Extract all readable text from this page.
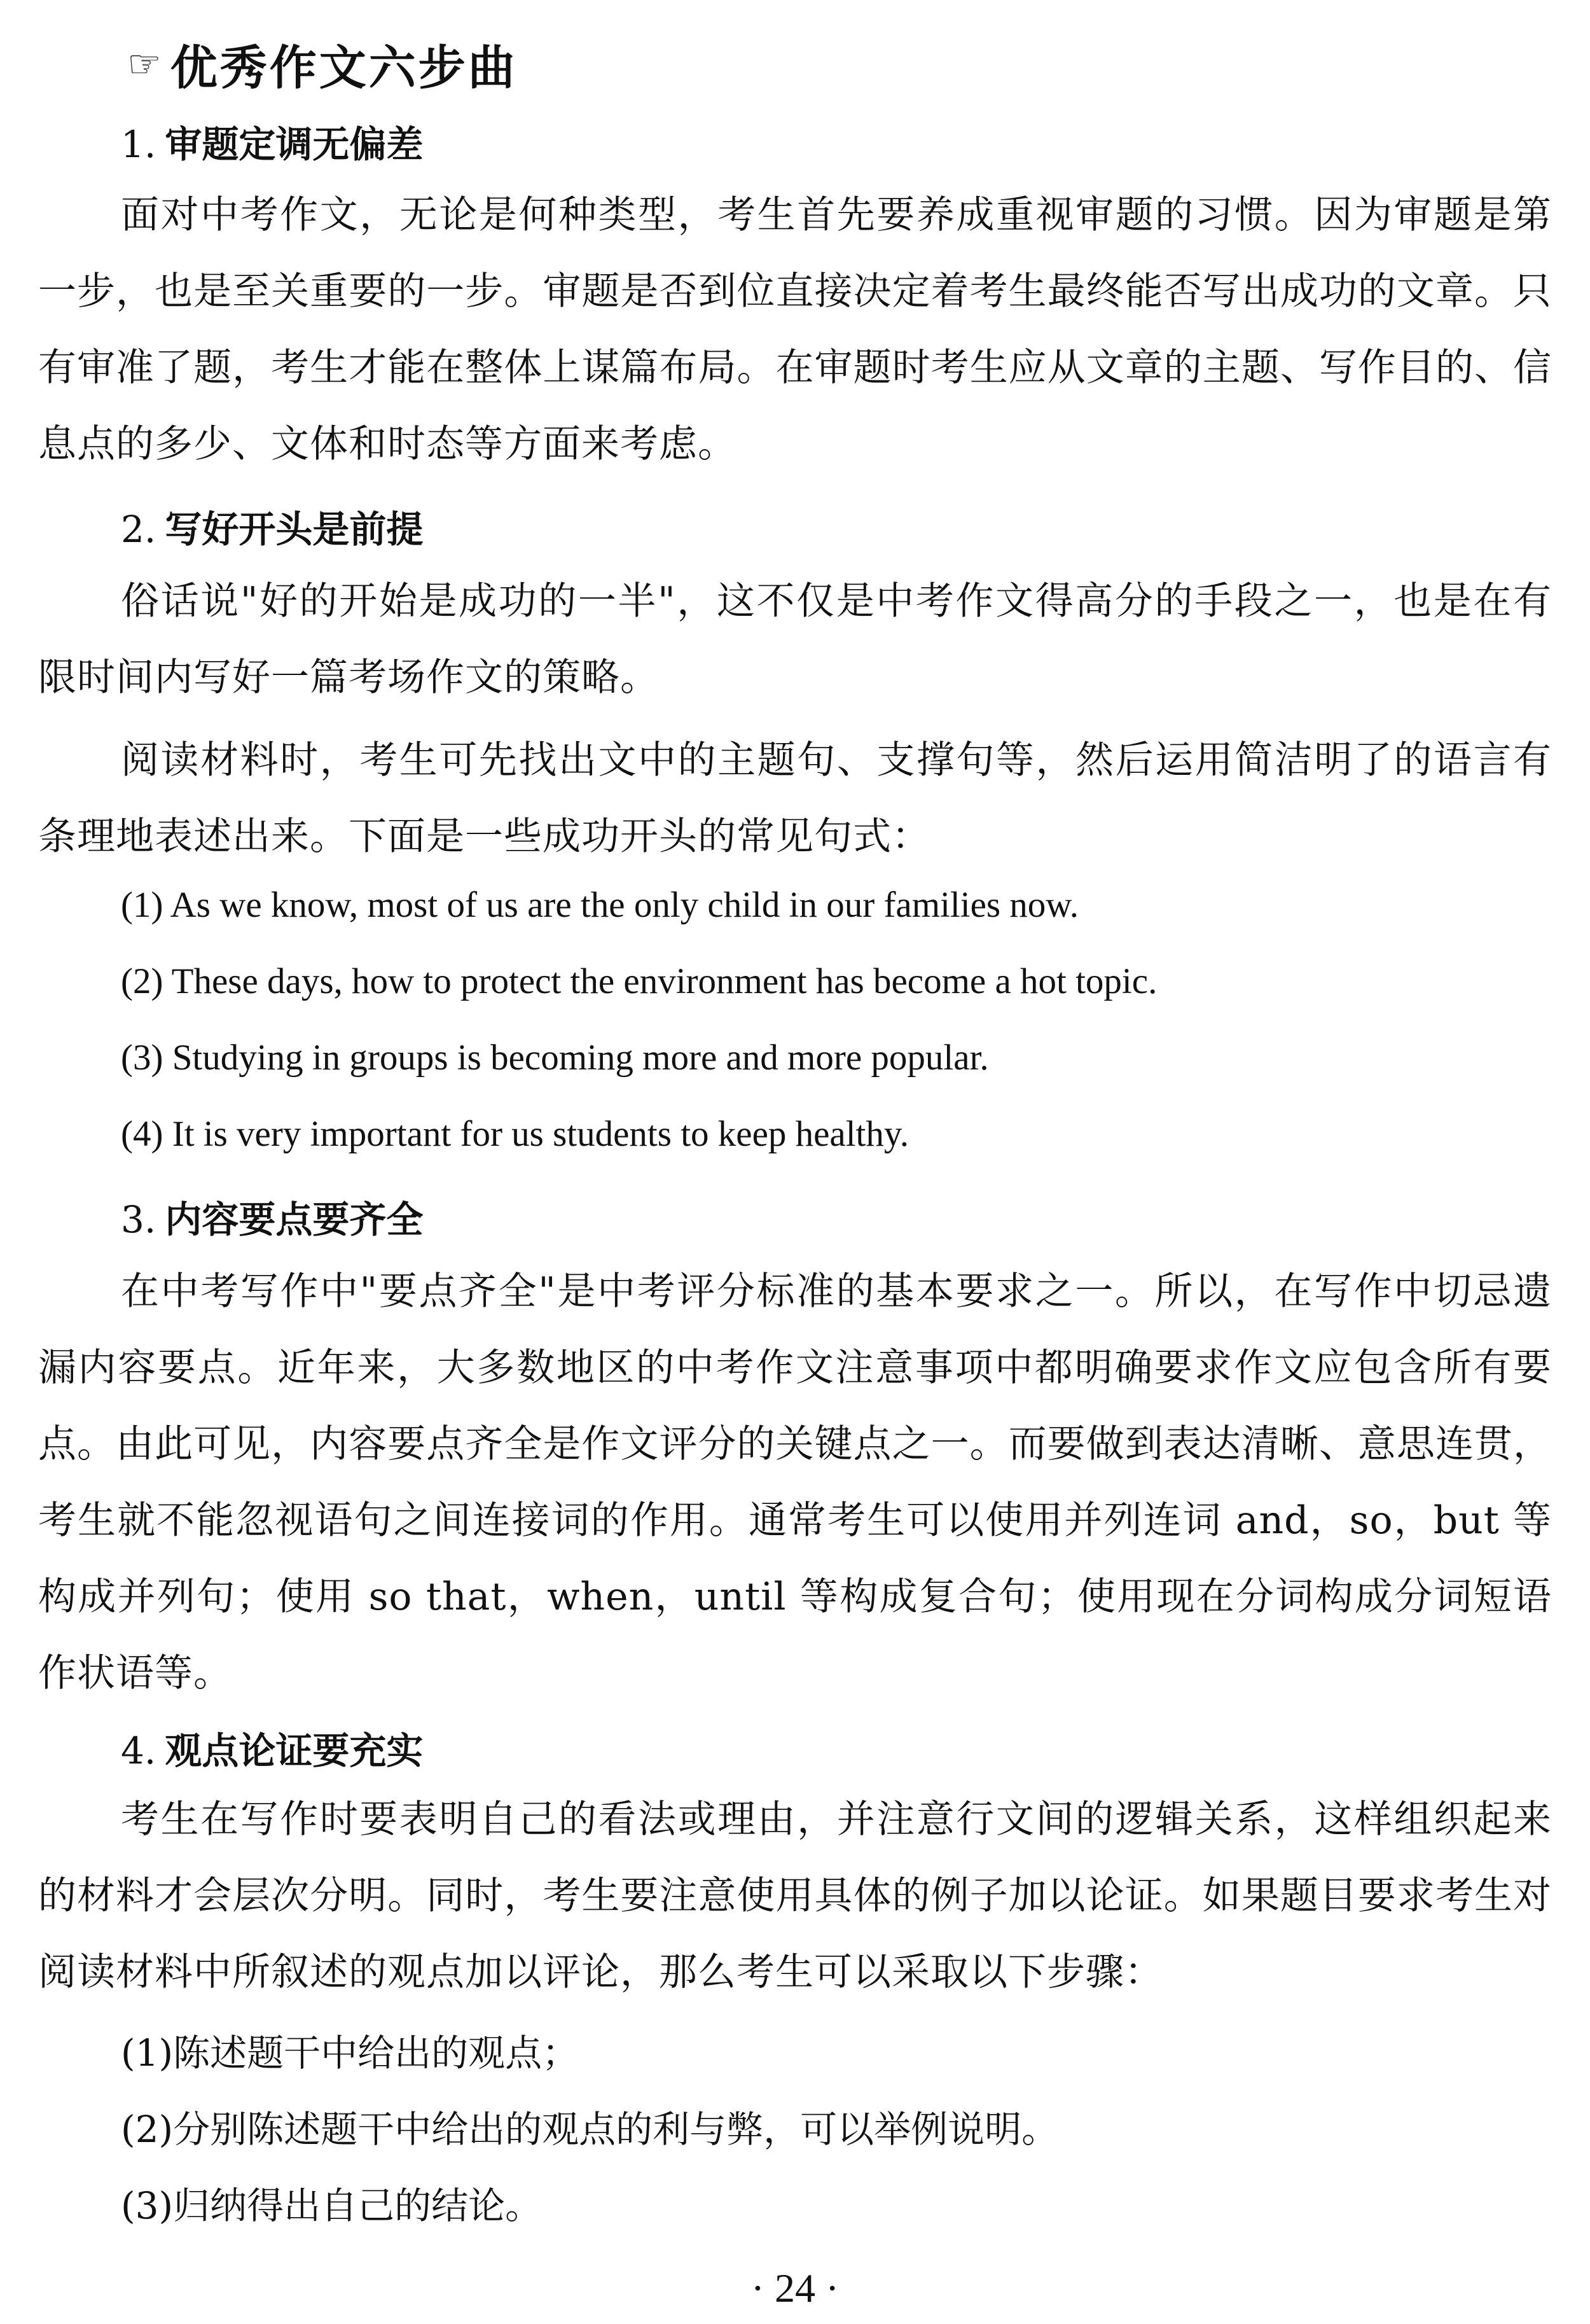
☞ 优秀作文六步曲
1. 审题定调无偏差
面对中考作文，无论是何种类型，考生首先要养成重视审题的习惯。因为审题是第一步，也是至关重要的一步。审题是否到位直接决定着考生最终能否写出成功的文章。只有审准了题，考生才能在整体上谋篇布局。在审题时考生应从文章的主题、写作目的、信息点的多少、文体和时态等方面来考虑。
2. 写好开头是前提
俗话说"好的开始是成功的一半"，这不仅是中考作文得高分的手段之一，也是在有限时间内写好一篇考场作文的策略。
阅读材料时，考生可先找出文中的主题句、支撑句等，然后运用简洁明了的语言有条理地表述出来。下面是一些成功开头的常见句式：
(1) As we know, most of us are the only child in our families now.
(2) These days, how to protect the environment has become a hot topic.
(3) Studying in groups is becoming more and more popular.
(4) It is very important for us students to keep healthy.
3. 内容要点要齐全
在中考写作中"要点齐全"是中考评分标准的基本要求之一。所以，在写作中切忌遗漏内容要点。近年来，大多数地区的中考作文注意事项中都明确要求作文应包含所有要点。由此可见，内容要点齐全是作文评分的关键点之一。而要做到表达清晰、意思连贯，考生就不能忽视语句之间连接词的作用。通常考生可以使用并列连词 and，so，but 等构成并列句；使用 so that，when，until 等构成复合句；使用现在分词构成分词短语作状语等。
4. 观点论证要充实
考生在写作时要表明自己的看法或理由，并注意行文间的逻辑关系，这样组织起来的材料才会层次分明。同时，考生要注意使用具体的例子加以论证。如果题目要求考生对阅读材料中所叙述的观点加以评论，那么考生可以采取以下步骤：
(1)陈述题干中给出的观点；
(2)分别陈述题干中给出的观点的利与弊，可以举例说明。
(3)归纳得出自己的结论。
· 24 ·
